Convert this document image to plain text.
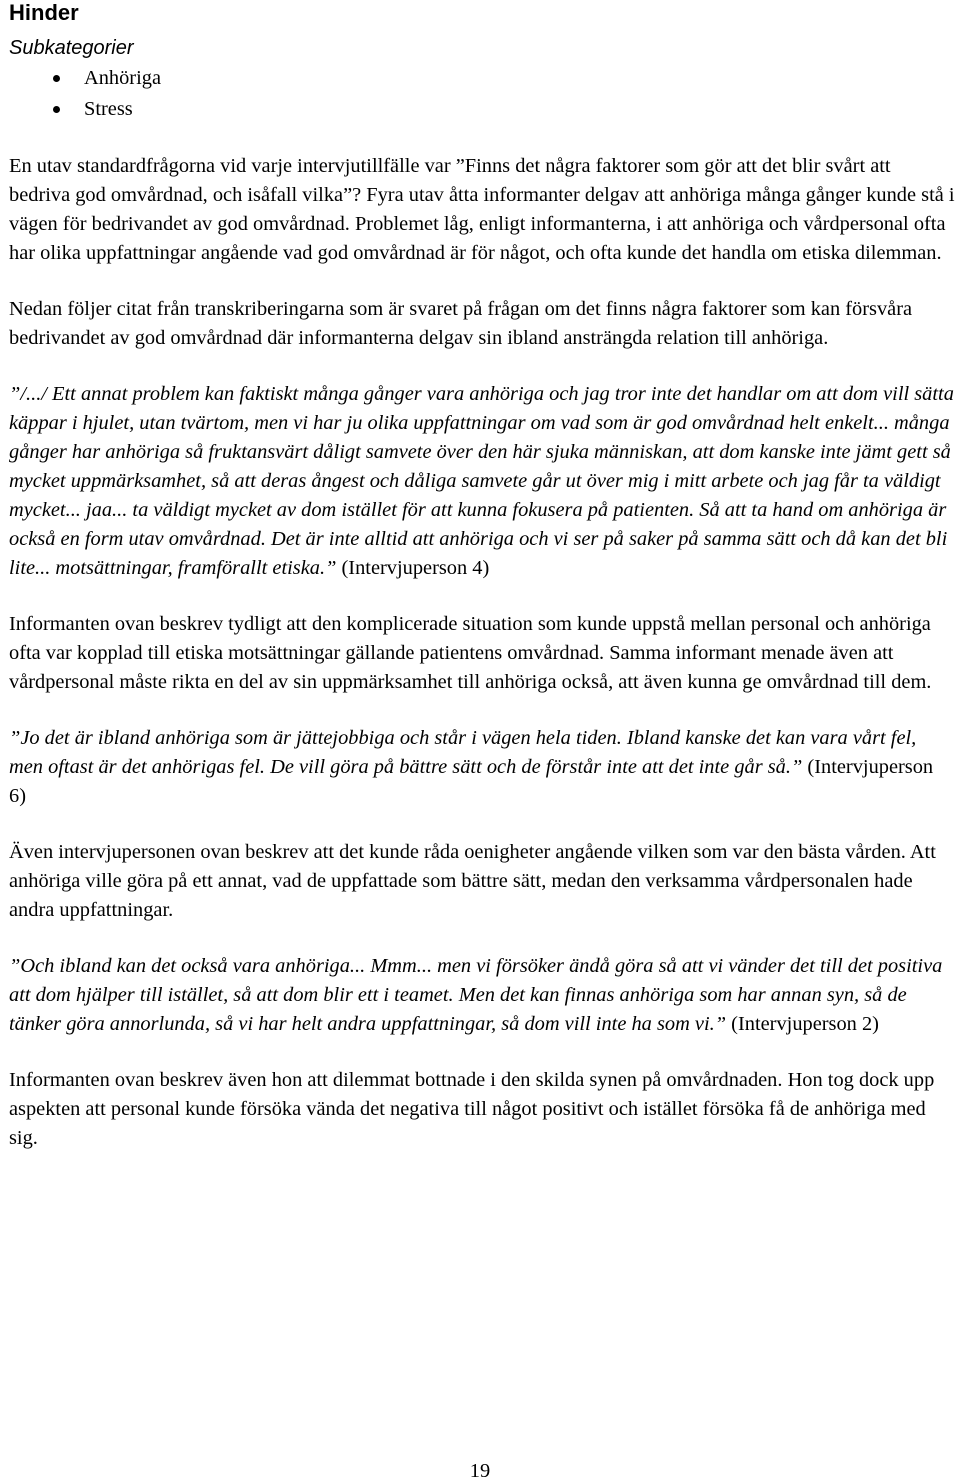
Hinder
Subkategorier
Anhöriga
Stress

En utav standardfrågorna vid varje intervjutillfälle var ”Finns det några faktorer som gör att det blir svårt att bedriva god omvårdnad, och isåfall vilka”? Fyra utav åtta informanter delgav att anhöriga många gånger kunde stå i vägen för bedrivandet av god omvårdnad. Problemet låg, enligt informanterna, i att anhöriga och vårdpersonal ofta har olika uppfattningar angående vad god omvårdnad är för något, och ofta kunde det handla om etiska dilemman.

Nedan följer citat från transkriberingarna som är svaret på frågan om det finns några faktorer som kan försvåra bedrivandet av god omvårdnad där informanterna delgav sin ibland ansträngda relation till anhöriga.

”/.../ Ett annat problem kan faktiskt många gånger vara anhöriga och jag tror inte det handlar om att dom vill sätta käppar i hjulet, utan tvärtom, men vi har ju olika uppfattningar om vad som är god omvårdnad helt enkelt... många gånger har anhöriga så fruktansvärt dåligt samvete över den här sjuka människan, att dom kanske inte jämt gett så mycket uppmärksamhet, så att deras ångest och dåliga samvete går ut över mig i mitt arbete och jag får ta väldigt mycket... jaa... ta väldigt mycket av dom istället för att kunna fokusera på patienten. Så att ta hand om anhöriga är också en form utav omvårdnad. Det är inte alltid att anhöriga och vi ser på saker på samma sätt och då kan det bli lite... motsättningar, framförallt etiska.” (Intervjuperson 4)

Informanten ovan beskrev tydligt att den komplicerade situation som kunde uppstå mellan personal och anhöriga ofta var kopplad till etiska motsättningar gällande patientens omvårdnad. Samma informant menade även att vårdpersonal måste rikta en del av sin uppmärksamhet till anhöriga också, att även kunna ge omvårdnad till dem.

”Jo det är ibland anhöriga som är jättejobbiga och står i vägen hela tiden. Ibland kanske det kan vara vårt fel, men oftast är det anhörigas fel. De vill göra på bättre sätt och de förstår inte att det inte går så.” (Intervjuperson 6)

Även intervjupersonen ovan beskrev att det kunde råda oenigheter angående vilken som var den bästa vården. Att anhöriga ville göra på ett annat, vad de uppfattade som bättre sätt, medan den verksamma vårdpersonalen hade andra uppfattningar.

”Och ibland kan det också vara anhöriga... Mmm... men vi försöker ändå göra så att vi vänder det till det positiva att dom hjälper till istället, så att dom blir ett i teamet. Men det kan finnas anhöriga som har annan syn, så de tänker göra annorlunda, så vi har helt andra uppfattningar, så dom vill inte ha som vi.” (Intervjuperson 2)

Informanten ovan beskrev även hon att dilemmat bottnade i den skilda synen på omvårdnaden. Hon tog dock upp aspekten att personal kunde försöka vända det negativa till något positivt och istället försöka få de anhöriga med sig.

19
